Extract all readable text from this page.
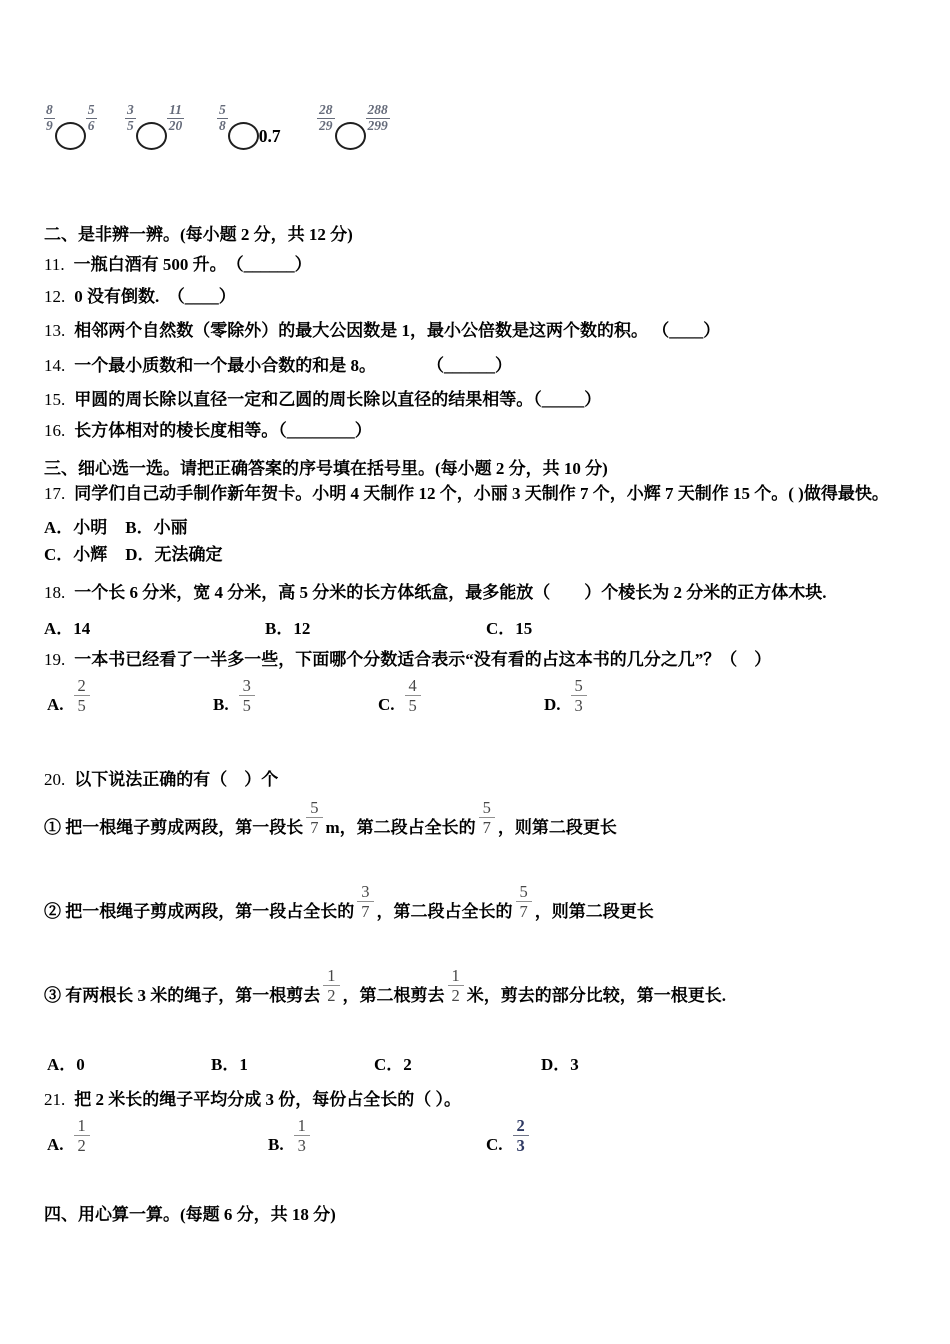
$\frac{8}{9} \frac{5}{6} \frac{3}{5} \frac{11}{20} \frac{5}{8}$
0.7
$\frac{28}{29} \frac{288}{299}$
二、是非辨一辨。(每小题 2 分，共 12 分)
11. 一瓶白酒有 500 升。　（______）
12. 0 没有倒数.　（____）
13. 相邻两个自然数（零除外）的最大公因数是 1，最小公倍数是这两个数的积。 （____）
14. 一个最小质数和一个最小合数的和是 8。　　　　（______）
15. 甲圆的周长除以直径一定和乙圆的周长除以直径的结果相等。（_____）
16. 长方体相对的棱长度相等。（________）
三、细心选一选。请把正确答案的序号填在括号里。(每小题 2 分，共 10 分)
17. 同学们自己动手制作新年贺卡。小明 4 天制作 12 个，小丽 3 天制作 7 个，小辉 7 天制作 15 个。( )做得最快。
A．小明 B．小丽
C．小辉 D．无法确定
18. 一个长 6 分米，宽 4 分米，高 5 分米的长方体纸盒，最多能放（　　）个棱长为 2 分米的正方体木块.
A．14	B．12	C．15
19. 一本书已经看了一半多一些，下面哪个分数适合表示“没有看的占这本书的几分之几”？（　）
A. $\frac{2}{5}$	B. $\frac{3}{5}$	C. $\frac{4}{5}$	D. $\frac{5}{3}$
20. 以下说法正确的有（　）个
① 把一根绳子剪成两段，第一段长 $\frac{5}{7}$ m，第二段占全长的 $\frac{5}{7}$ ，则第二段更长
② 把一根绳子剪成两段，第一段占全长的 $\frac{3}{7}$ ，第二段占全长的 $\frac{5}{7}$ ，则第二段更长
③ 有两根长 3 米的绳子，第一根剪去 $\frac{1}{2}$ ，第二根剪去 $\frac{1}{2}$ 米，剪去的部分比较，第一根更长.
A．0	B．1	C．2	D．3
21. 把 2 米长的绳子平均分成 3 份，每份占全长的（ ）。
A. $\frac{1}{2}$	B. $\frac{1}{3}$	C. $\frac{2}{3}$
四、用心算一算。(每题 6 分，共 18 分)
